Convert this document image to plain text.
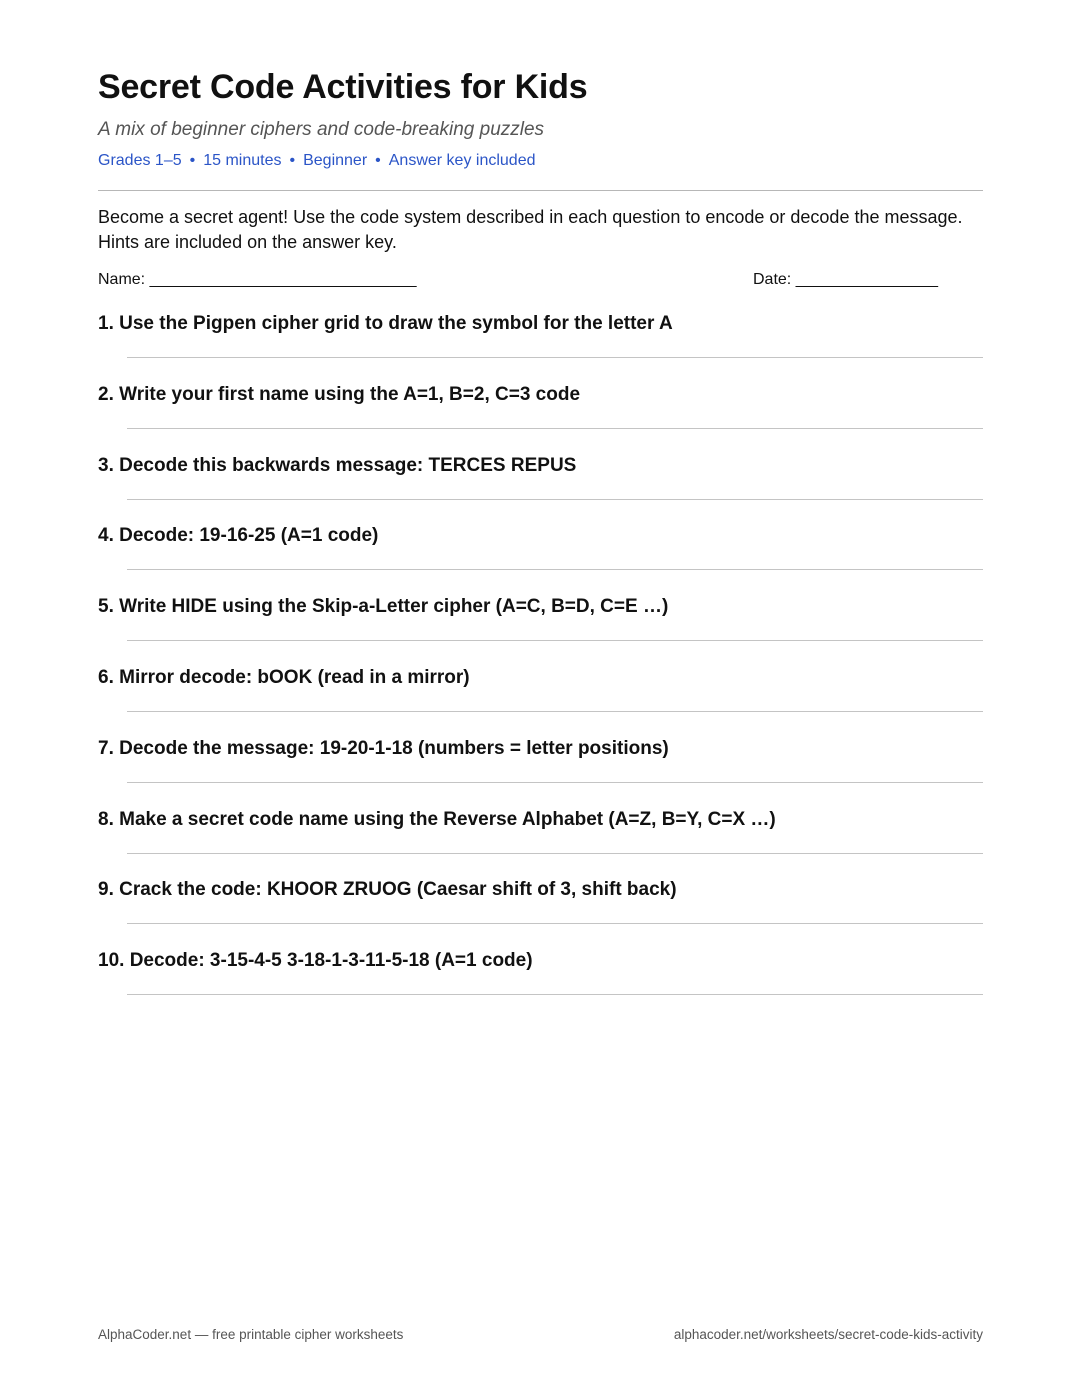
Secret Code Activities for Kids
A mix of beginner ciphers and code-breaking puzzles
Grades 1–5 • 15 minutes • Beginner • Answer key included
Become a secret agent! Use the code system described in each question to encode or decode the message. Hints are included on the answer key.
Name: ______________________________	Date: ________________
1. Use the Pigpen cipher grid to draw the symbol for the letter A
2. Write your first name using the A=1, B=2, C=3 code
3. Decode this backwards message: TERCES REPUS
4. Decode: 19-16-25 (A=1 code)
5. Write HIDE using the Skip-a-Letter cipher (A=C, B=D, C=E …)
6. Mirror decode: bOOK (read in a mirror)
7. Decode the message: 19-20-1-18 (numbers = letter positions)
8. Make a secret code name using the Reverse Alphabet (A=Z, B=Y, C=X …)
9. Crack the code: KHOOR ZRUOG (Caesar shift of 3, shift back)
10. Decode: 3-15-4-5 3-18-1-3-11-5-18 (A=1 code)
AlphaCoder.net — free printable cipher worksheets	alphacoder.net/worksheets/secret-code-kids-activity
